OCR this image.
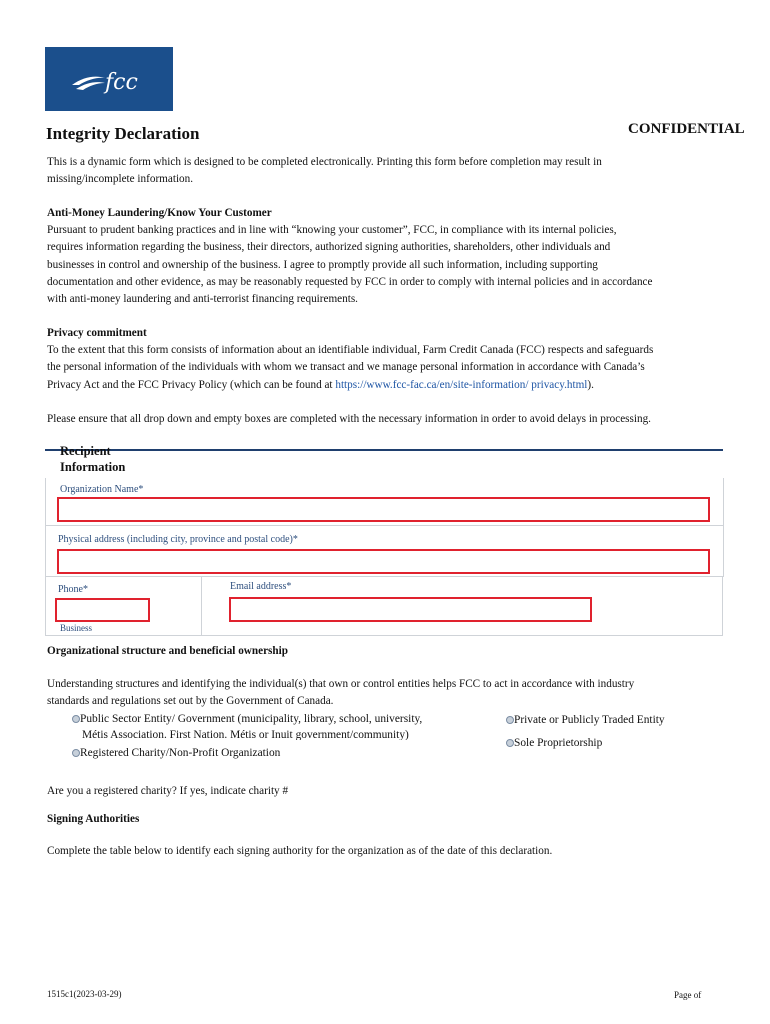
fcc
Integrity Declaration	CONFIDENTIAL
This is a dynamic form which is designed to be completed electronically. Printing this form before completion may result in
missing/incomplete information.
Anti-Money Laundering/Know Your Customer
Pursuant to prudent banking practices and in line with “knowing your customer”, FCC, in compliance with its internal policies,
requires information regarding the business, their directors, authorized signing authorities, shareholders, other individuals and
businesses in control and ownership of the business. I agree to promptly provide all such information, including supporting
documentation and other evidence, as may be reasonably requested by FCC in order to comply with internal policies and in accordance
with anti-money laundering and anti-terrorist financing requirements.
Privacy commitment
To the extent that this form consists of information about an identifiable individual, Farm Credit Canada (FCC) respects and safeguards
the personal information of the individuals with whom we transact and we manage personal information in accordance with Canada’s
Privacy Act and the FCC Privacy Policy (which can be found at https://www.fcc-fac.ca/en/site-information/ privacy.html).
Please ensure that all drop down and empty boxes are completed with the necessary information in order to avoid delays in processing.
Recipient
Information
Organization Name*
Physical address (including city, province and postal code)*
Phone*
Business
Email address*
Organizational structure and beneficial ownership
Understanding structures and identifying the individual(s) that own or control entities helps FCC to act in accordance with industry
standards and regulations set out by the Government of Canada.
Public Sector Entity/ Government (municipality, library, school, university,
Métis Association. First Nation. Métis or Inuit government/community)
Registered Charity/Non-Profit Organization
Private or Publicly Traded Entity
Sole Proprietorship
Are you a registered charity? If yes, indicate charity #
Signing Authorities
Complete the table below to identify each signing authority for the organization as of the date of this declaration.
1515c1(2023-03-29)	Page of
